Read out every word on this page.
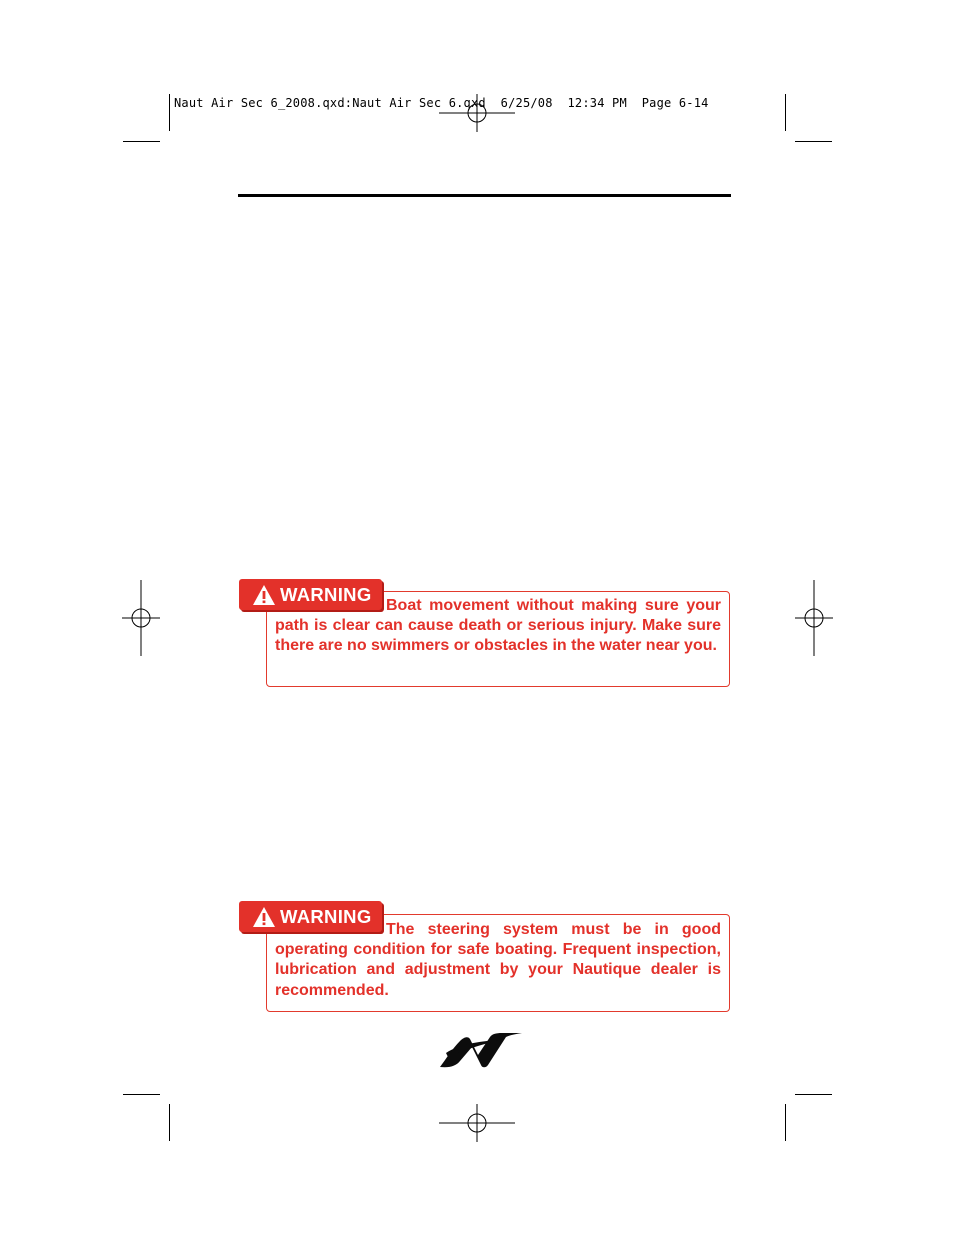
Naut Air Sec 6_2008.qxd:Naut Air Sec 6.qxd  6/25/08  12:34 PM  Page 6-14
WARNING
Boat movement without making sure your path is clear can cause death or serious injury. Make sure there are no swimmers or obstacles in the water near you.
WARNING
The steering system must be in good operating condition for safe boating. Frequent inspection, lubrication and adjustment by your Nautique dealer is recommended.
